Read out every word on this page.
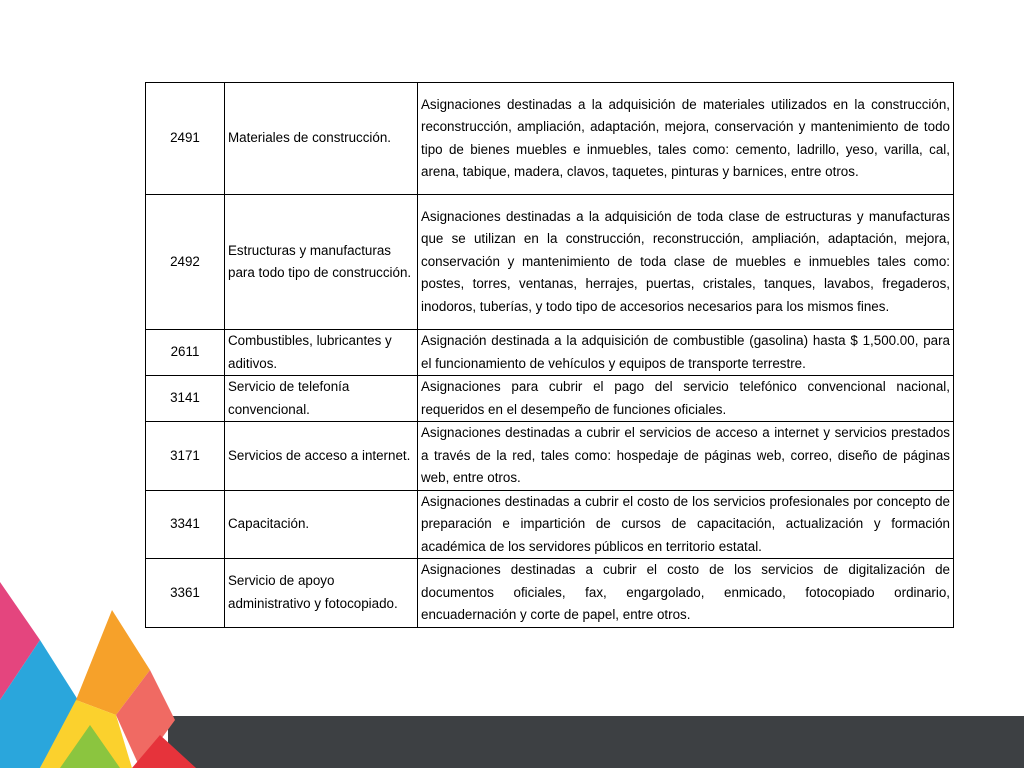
2491	Materiales de construcción.	Asignaciones destinadas a la adquisición de materiales utilizados en la construcción, reconstrucción, ampliación, adaptación, mejora, conservación y mantenimiento de todo tipo de bienes muebles e inmuebles, tales como: cemento, ladrillo, yeso, varilla, cal, arena, tabique, madera, clavos, taquetes, pinturas y barnices, entre otros.
2492	Estructuras y manufacturas para todo tipo de construcción.	Asignaciones destinadas a la adquisición de toda clase de estructuras y manufacturas que se utilizan en la construcción, reconstrucción, ampliación, adaptación, mejora, conservación y mantenimiento de toda clase de muebles e inmuebles tales como: postes, torres, ventanas, herrajes, puertas, cristales, tanques, lavabos, fregaderos, inodoros, tuberías, y todo tipo de accesorios necesarios para los mismos fines.
2611	Combustibles, lubricantes y aditivos.	Asignación destinada a la adquisición de combustible (gasolina) hasta $ 1,500.00, para el funcionamiento de vehículos y equipos de transporte terrestre.
3141	Servicio de telefonía convencional.	Asignaciones para cubrir el pago del servicio telefónico convencional nacional, requeridos en el desempeño de funciones oficiales.
3171	Servicios de acceso a internet.	Asignaciones destinadas a cubrir el servicios de acceso a internet y servicios prestados a través de la red, tales como: hospedaje de páginas web, correo, diseño de páginas web, entre otros.
3341	Capacitación.	Asignaciones destinadas a cubrir el costo de los servicios profesionales por concepto de preparación e impartición de cursos de capacitación, actualización y formación académica de los servidores públicos en territorio estatal.
3361	Servicio de apoyo administrativo y fotocopiado.	Asignaciones destinadas a cubrir el costo de los servicios de digitalización de documentos oficiales, fax, engargolado, enmicado, fotocopiado ordinario, encuadernación y corte de papel, entre otros.
